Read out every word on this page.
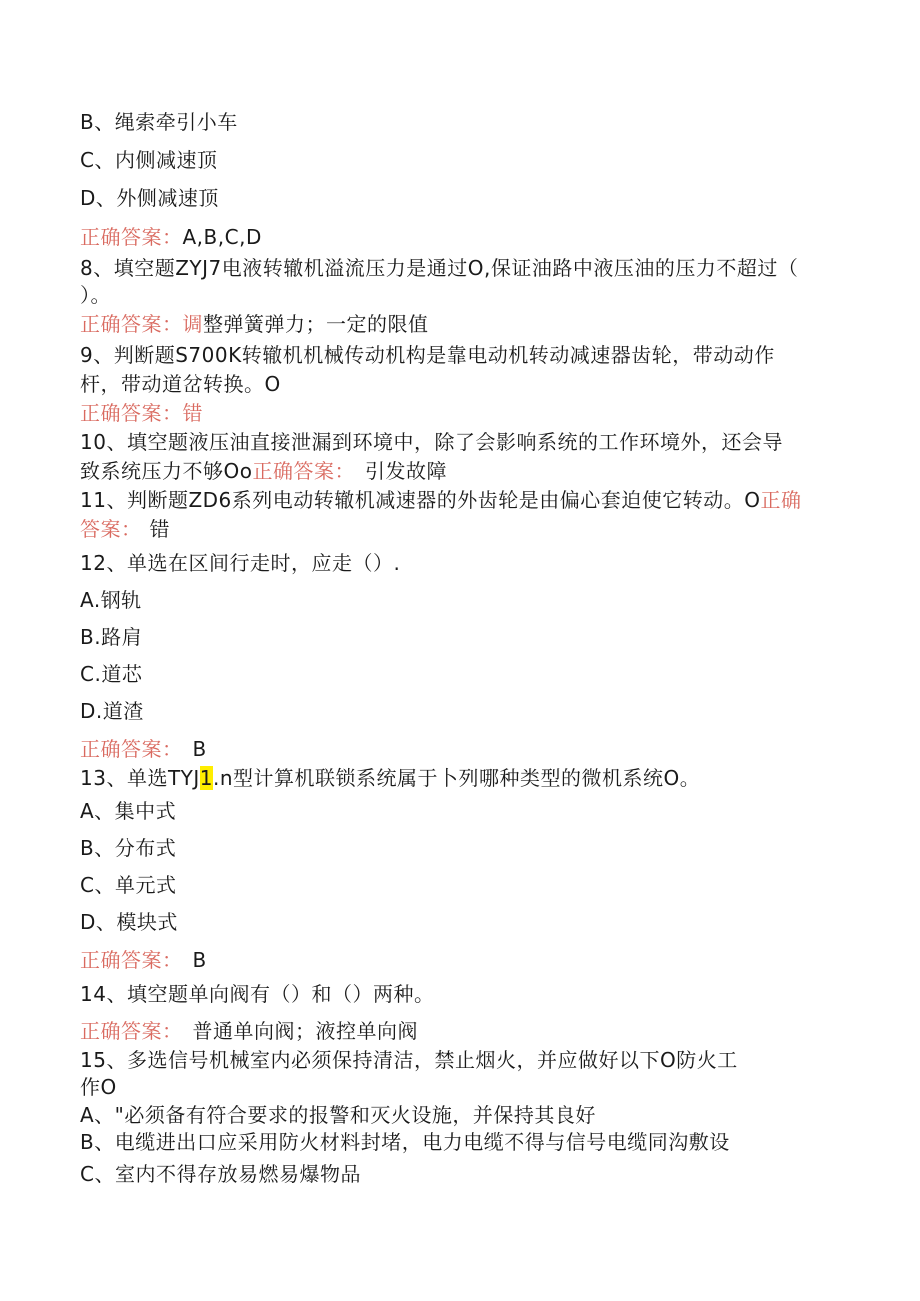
B、绳索牵引小车
C、内侧减速顶
D、外侧减速顶
正确答案：A,B,C,D
8、填空题ZYJ7电液转辙机溢流压力是通过O,保证油路中液压油的压力不超过（
）。
正确答案：调整弹簧弹力；一定的限值
9、判断题S700K转辙机机械传动机构是靠电动机转动减速器齿轮，带动动作
杆，带动道岔转换。O
正确答案：错
10、填空题液压油直接泄漏到环境中，除了会影响系统的工作环境外，还会导
致系统压力不够Oo正确答案： 引发故障
11、判断题ZD6系列电动转辙机减速器的外齿轮是由偏心套迫使它转动。O正确
答案： 错
12、单选在区间行走时，应走（）.
A.钢轨
B.路肩
C.道芯
D.道渣
正确答案： B
13、单选TYJ1.n型计算机联锁系统属于卜列哪种类型的微机系统O。
A、集中式
B、分布式
C、单元式
D、模块式
正确答案： B
14、填空题单向阀有（）和（）两种。
正确答案： 普通单向阀；液控单向阀
15、多选信号机械室内必须保持清洁，禁止烟火，并应做好以下O防火工
作O
A、"必须备有符合要求的报警和灭火设施，并保持其良好
B、电缆进出口应采用防火材料封堵，电力电缆不得与信号电缆同沟敷设
C、室内不得存放易燃易爆物品
